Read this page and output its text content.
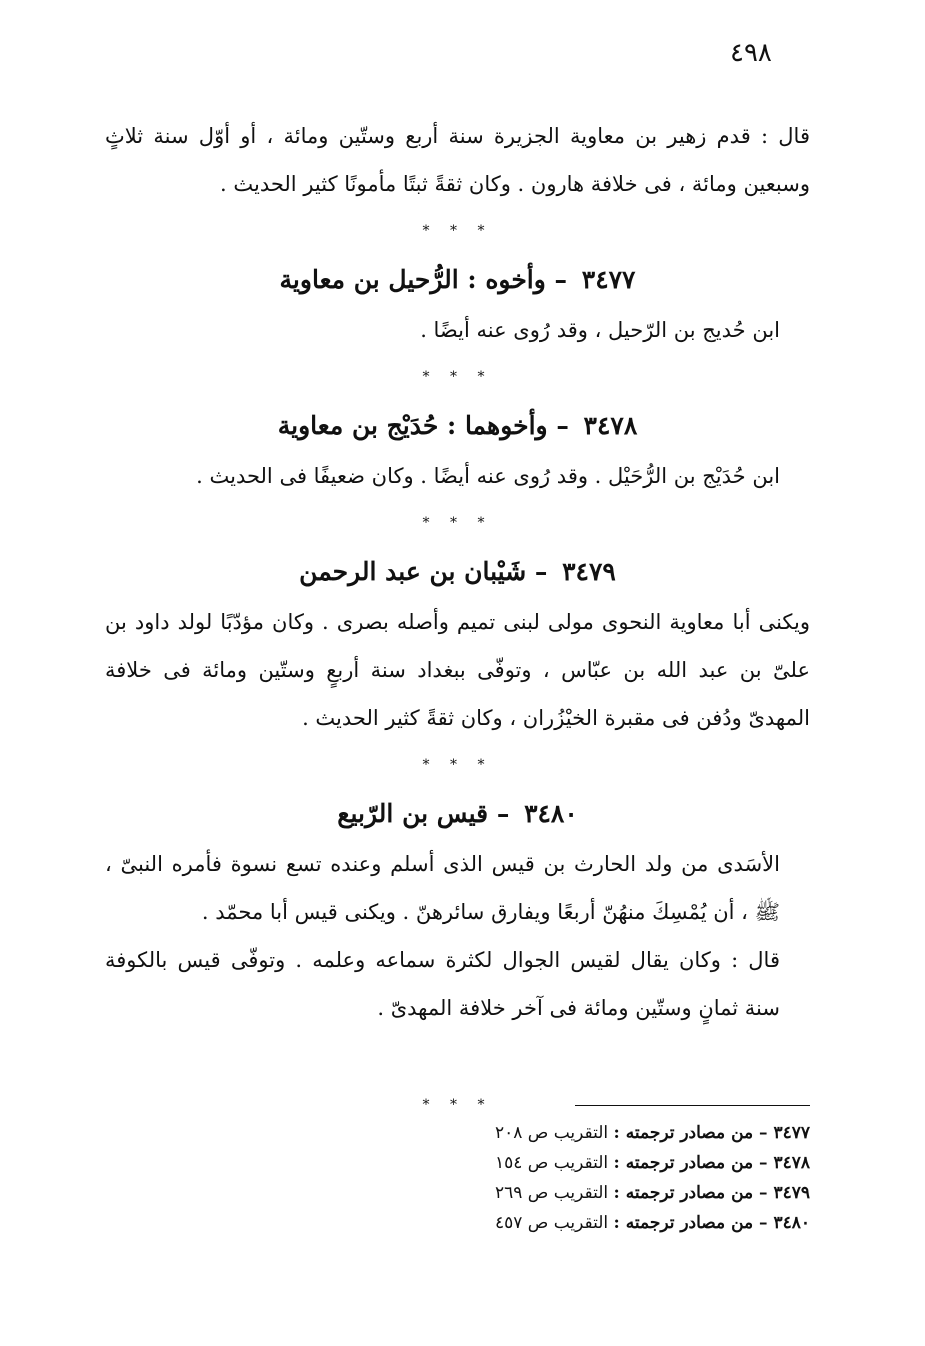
٤٩٨

قال : قدم زهير بن معاوية الجزيرة سنة أربع وستّين ومائة ، أو أوّل سنة ثلاثٍ وسبعين ومائة ، فى خلافة هارون . وكان ثقةً ثبتًا مأمونًا كثير الحديث .

* * *

٣٤٧٧ – وأخوه : الرُّحيل بن معاوية

ابن حُديج بن الرّحيل ، وقد رُوى عنه أيضًا .

* * *

٣٤٧٨ – وأخوهما : حُدَيْج بن معاوية

ابن حُدَيْج بن الرُّحَيْل . وقد رُوى عنه أيضًا . وكان ضعيفًا فى الحديث .

* * *

٣٤٧٩ – شَيْبان بن عبد الرحمن

ويكنى أبا معاوية النحوى مولى لبنى تميم وأصله بصرى . وكان مؤدّبًا لولد داود بن علىّ بن عبد الله بن عبّاس ، وتوفّى ببغداد سنة أربعٍ وستّين ومائة فى خلافة المهدىّ ودُفن فى مقبرة الخيْزُران ، وكان ثقةً كثير الحديث .

* * *

٣٤٨٠ – قيس بن الرّبيع

الأسَدى من ولد الحارث بن قيس الذى أسلم وعنده تسع نسوة فأمره النبىّ ، ﷺ ، أن يُمْسِكَ منهُنّ أربعًا ويفارق سائرهنّ . ويكنى قيس أبا محمّد .

قال : وكان يقال لقيس الجوال لكثرة سماعه وعلمه . وتوفّى قيس بالكوفة سنة ثمانٍ وستّين ومائة فى آخر خلافة المهدىّ .

* * *

٣٤٧٧ – من مصادر ترجمته : التقريب ص ٢٠٨

٣٤٧٨ – من مصادر ترجمته : التقريب ص ١٥٤

٣٤٧٩ – من مصادر ترجمته : التقريب ص ٢٦٩

٣٤٨٠ – من مصادر ترجمته : التقريب ص ٤٥٧
